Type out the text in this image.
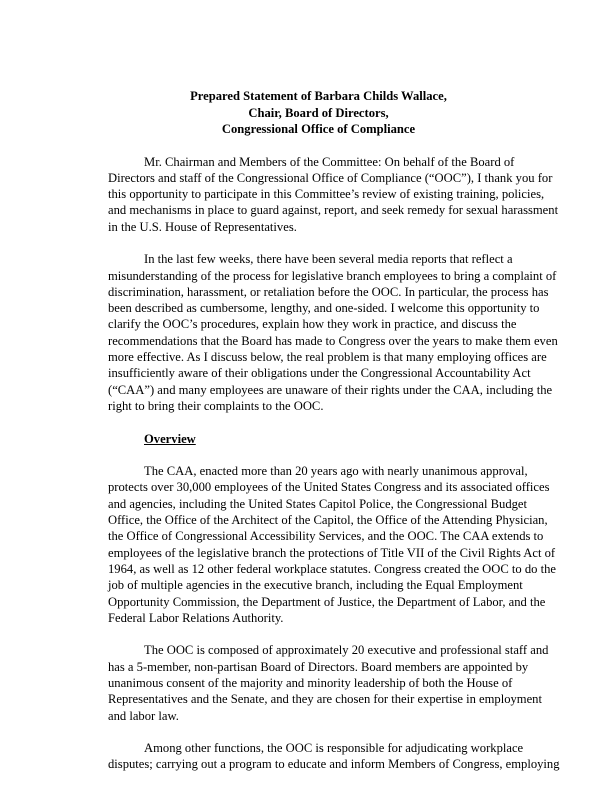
Prepared Statement of Barbara Childs Wallace,
Chair, Board of Directors,
Congressional Office of Compliance
Mr. Chairman and Members of the Committee: On behalf of the Board of
Directors and staff of the Congressional Office of Compliance (“OOC”), I thank you for
this opportunity to participate in this Committee’s review of existing training, policies,
and mechanisms in place to guard against, report, and seek remedy for sexual harassment
in the U.S. House of Representatives.
In the last few weeks, there have been several media reports that reflect a
misunderstanding of the process for legislative branch employees to bring a complaint of
discrimination, harassment, or retaliation before the OOC. In particular, the process has
been described as cumbersome, lengthy, and one-sided. I welcome this opportunity to
clarify the OOC’s procedures, explain how they work in practice, and discuss the
recommendations that the Board has made to Congress over the years to make them even
more effective. As I discuss below, the real problem is that many employing offices are
insufficiently aware of their obligations under the Congressional Accountability Act
(“CAA”) and many employees are unaware of their rights under the CAA, including the
right to bring their complaints to the OOC.
Overview
The CAA, enacted more than 20 years ago with nearly unanimous approval,
protects over 30,000 employees of the United States Congress and its associated offices
and agencies, including the United States Capitol Police, the Congressional Budget
Office, the Office of the Architect of the Capitol, the Office of the Attending Physician,
the Office of Congressional Accessibility Services, and the OOC. The CAA extends to
employees of the legislative branch the protections of Title VII of the Civil Rights Act of
1964, as well as 12 other federal workplace statutes. Congress created the OOC to do the
job of multiple agencies in the executive branch, including the Equal Employment
Opportunity Commission, the Department of Justice, the Department of Labor, and the
Federal Labor Relations Authority.
The OOC is composed of approximately 20 executive and professional staff and
has a 5-member, non-partisan Board of Directors. Board members are appointed by
unanimous consent of the majority and minority leadership of both the House of
Representatives and the Senate, and they are chosen for their expertise in employment
and labor law.
Among other functions, the OOC is responsible for adjudicating workplace
disputes; carrying out a program to educate and inform Members of Congress, employing
